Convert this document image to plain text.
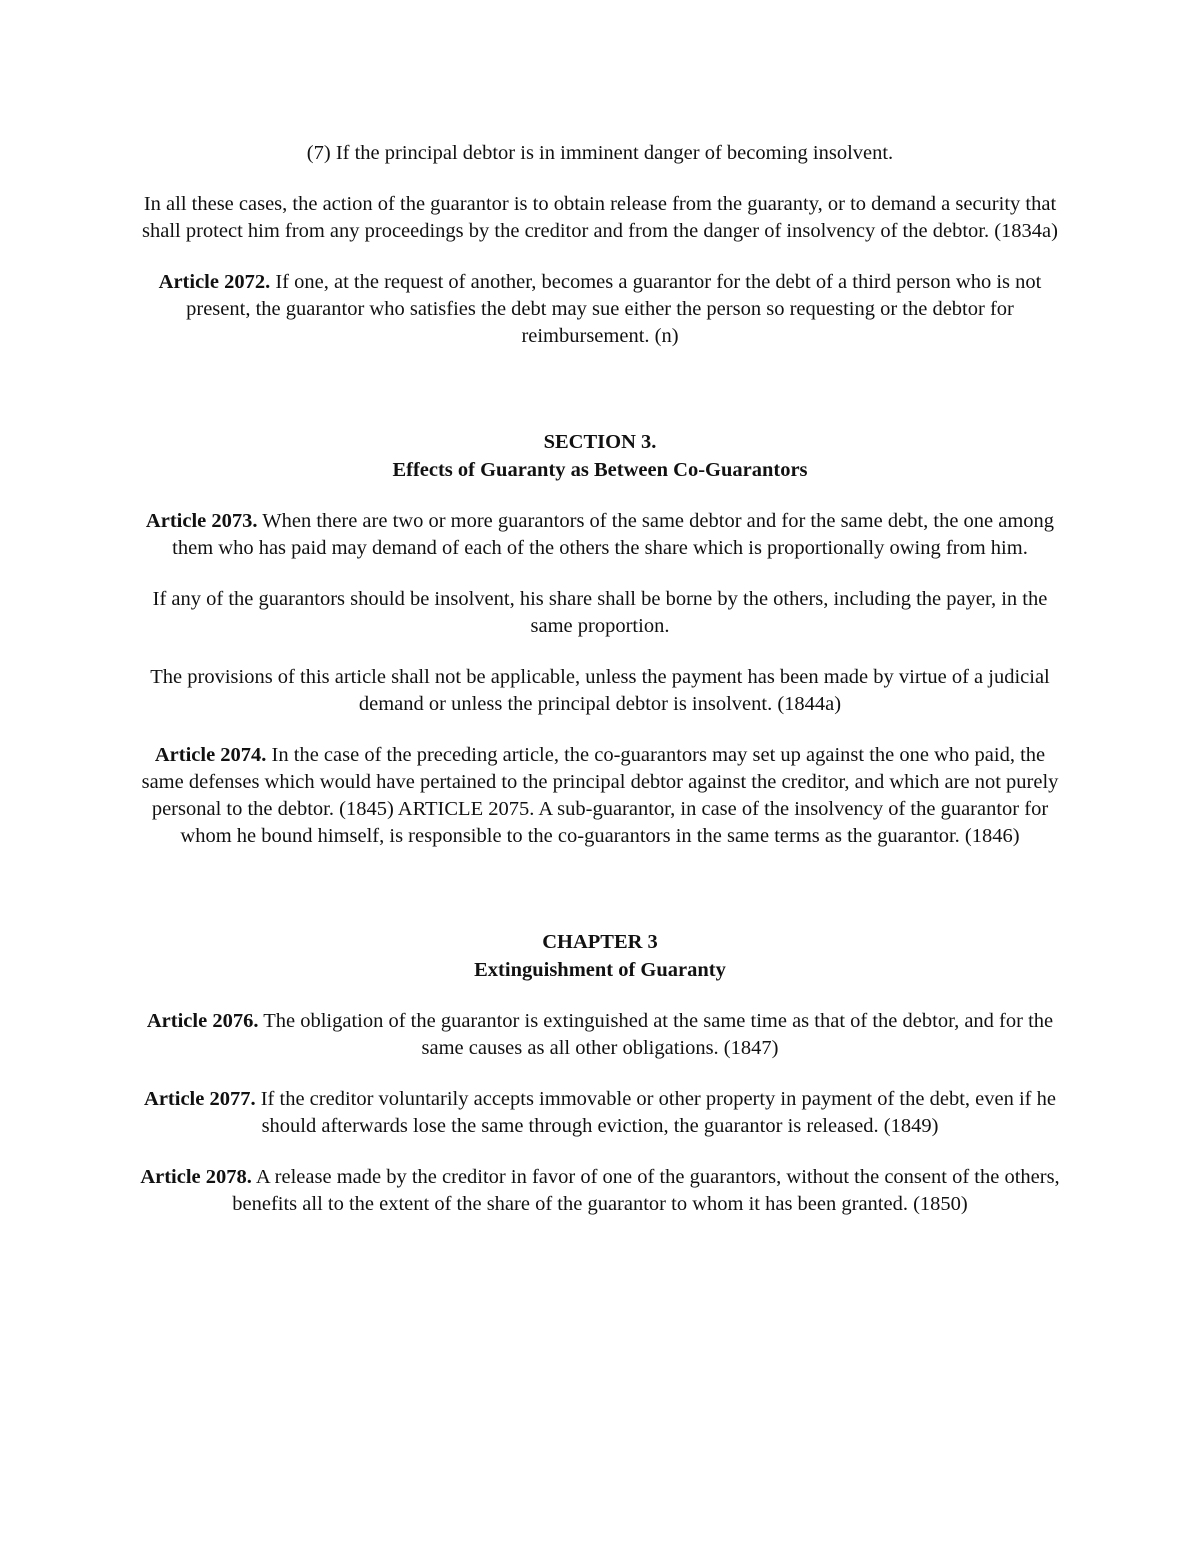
(7) If the principal debtor is in imminent danger of becoming insolvent.

In all these cases, the action of the guarantor is to obtain release from the guaranty, or to demand a security that shall protect him from any proceedings by the creditor and from the danger of insolvency of the debtor. (1834a)

Article 2072. If one, at the request of another, becomes a guarantor for the debt of a third person who is not present, the guarantor who satisfies the debt may sue either the person so requesting or the debtor for reimbursement. (n)

SECTION 3.
Effects of Guaranty as Between Co-Guarantors

Article 2073. When there are two or more guarantors of the same debtor and for the same debt, the one among them who has paid may demand of each of the others the share which is proportionally owing from him.

If any of the guarantors should be insolvent, his share shall be borne by the others, including the payer, in the same proportion.

The provisions of this article shall not be applicable, unless the payment has been made by virtue of a judicial demand or unless the principal debtor is insolvent. (1844a)

Article 2074. In the case of the preceding article, the co-guarantors may set up against the one who paid, the same defenses which would have pertained to the principal debtor against the creditor, and which are not purely personal to the debtor. (1845) ARTICLE 2075. A sub-guarantor, in case of the insolvency of the guarantor for whom he bound himself, is responsible to the co-guarantors in the same terms as the guarantor. (1846)

CHAPTER 3
Extinguishment of Guaranty

Article 2076. The obligation of the guarantor is extinguished at the same time as that of the debtor, and for the same causes as all other obligations. (1847)

Article 2077. If the creditor voluntarily accepts immovable or other property in payment of the debt, even if he should afterwards lose the same through eviction, the guarantor is released. (1849)

Article 2078. A release made by the creditor in favor of one of the guarantors, without the consent of the others, benefits all to the extent of the share of the guarantor to whom it has been granted. (1850)
